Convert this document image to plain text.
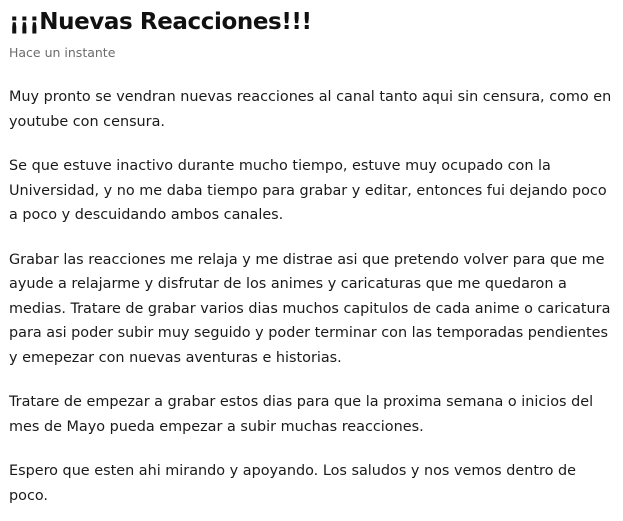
¡¡¡Nuevas Reacciones!!!
Hace un instante

Muy pronto se vendran nuevas reacciones al canal tanto aqui sin censura, como en youtube con censura.

Se que estuve inactivo durante mucho tiempo, estuve muy ocupado con la Universidad, y no me daba tiempo para grabar y editar, entonces fui dejando poco a poco y descuidando ambos canales.

Grabar las reacciones me relaja y me distrae asi que pretendo volver para que me ayude a relajarme y disfrutar de los animes y caricaturas que me quedaron a medias. Tratare de grabar varios dias muchos capitulos de cada anime o caricatura para asi poder subir muy seguido y poder terminar con las temporadas pendientes y emepezar con nuevas aventuras e historias.

Tratare de empezar a grabar estos dias para que la proxima semana o inicios del mes de Mayo pueda empezar a subir muchas reacciones.

Espero que esten ahi mirando y apoyando. Los saludos y nos vemos dentro de poco.
